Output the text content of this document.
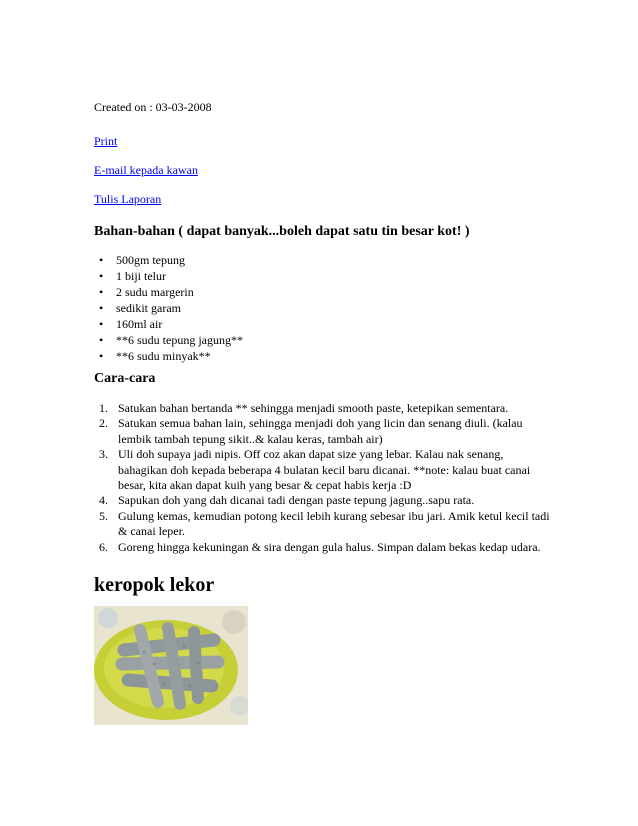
Created on : 03-03-2008
Print
E-mail kepada kawan
Tulis Laporan
Bahan-bahan ( dapat banyak...boleh dapat satu tin besar kot! )
• 500gm tepung
• 1 biji telur
• 2 sudu margerin
• sedikit garam
• 160ml air
• **6 sudu tepung jagung**
• **6 sudu minyak**
Cara-cara
1. Satukan bahan bertanda ** sehingga menjadi smooth paste, ketepikan sementara.
2. Satukan semua bahan lain, sehingga menjadi doh yang licin dan senang diuli. (kalau lembik tambah tepung sikit..& kalau keras, tambah air)
3. Uli doh supaya jadi nipis. Off coz akan dapat size yang lebar. Kalau nak senang, bahagikan doh kepada beberapa 4 bulatan kecil baru dicanai. **note: kalau buat canai besar, kita akan dapat kuih yang besar & cepat habis kerja :D
4. Sapukan doh yang dah dicanai tadi dengan paste tepung jagung..sapu rata.
5. Gulung kemas, kemudian potong kecil lebih kurang sebesar ibu jari. Amik ketul kecil tadi & canai leper.
6. Goreng hingga kekuningan & sira dengan gula halus. Simpan dalam bekas kedap udara.
keropok lekor
